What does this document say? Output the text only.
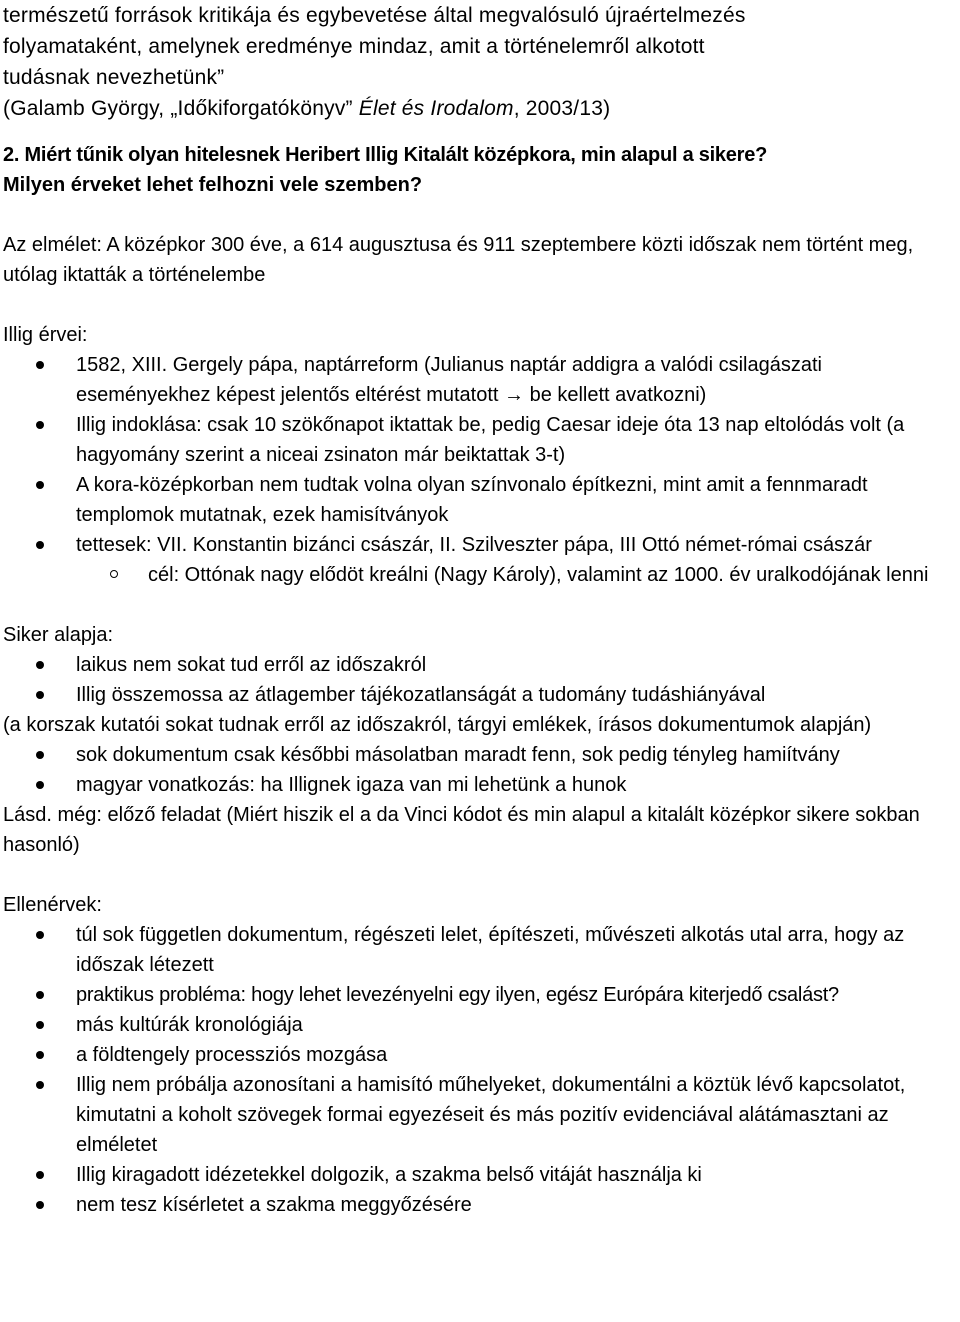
természetű források kritikája és egybevetése által megvalósuló újraértelmezés

folyamataként, amelynek eredménye mindaz, amit a történelemről alkotott

tudásnak nevezhetünk”

(Galamb György, „Időkiforgatókönyv” Élet és Irodalom, 2003/13)

2. Miért tűnik olyan hitelesnek Heribert Illig Kitalált középkora, min alapul a sikere?

Milyen érveket lehet felhozni vele szemben?

Az elmélet: A középkor 300 éve, a 614 augusztusa és 911 szeptembere közti időszak nem történt meg, utólag iktatták a történelembe

Illig érvei:

1582, XIII. Gergely pápa, naptárreform (Julianus naptár addigra a valódi csilagászati eseményekhez képest jelentős eltérést mutatott → be kellett avatkozni)
Illig indoklása: csak 10 szökőnapot iktattak be, pedig Caesar ideje óta 13 nap eltolódás volt (a hagyomány szerint a niceai zsinaton már beiktattak 3-t)
A kora-középkorban nem tudtak volna olyan színvonalo építkezni, mint amit a fennmaradt templomok mutatnak, ezek hamisítványok
tettesek: VII. Konstantin bizánci császár, II. Szilveszter pápa, III Ottó német-római császár
cél: Ottónak nagy elődöt kreálni (Nagy Károly), valamint az 1000. év uralkodójának lenni

Siker alapja:

laikus nem sokat tud erről az időszakról
Illig összemossa az átlagember tájékozatlanságát a tudomány tudáshiányával

(a korszak kutatói sokat tudnak erről az időszakról, tárgyi emlékek, írásos dokumentumok alapján)

sok dokumentum csak későbbi másolatban maradt fenn, sok pedig tényleg hamiítvány
magyar vonatkozás: ha Illignek igaza van mi lehetünk a hunok

Lásd. még: előző feladat (Miért hiszik el a da Vinci kódot és min alapul a kitalált középkor sikere sokban hasonló)

Ellenérvek:

túl sok független dokumentum, régészeti lelet, építészeti, művészeti alkotás utal arra, hogy az időszak létezett
praktikus probléma: hogy lehet levezényelni egy ilyen, egész Európára kiterjedő csalást?
más kultúrák kronológiája
a földtengely processziós mozgása
Illig nem próbálja azonosítani a hamisító műhelyeket, dokumentálni a köztük lévő kapcsolatot, kimutatni a koholt szövegek formai egyezéseit és más pozitív evidenciával alátámasztani az elméletet
Illig kiragadott idézetekkel dolgozik, a szakma belső vitáját használja ki
nem tesz kísérletet a szakma meggyőzésére
